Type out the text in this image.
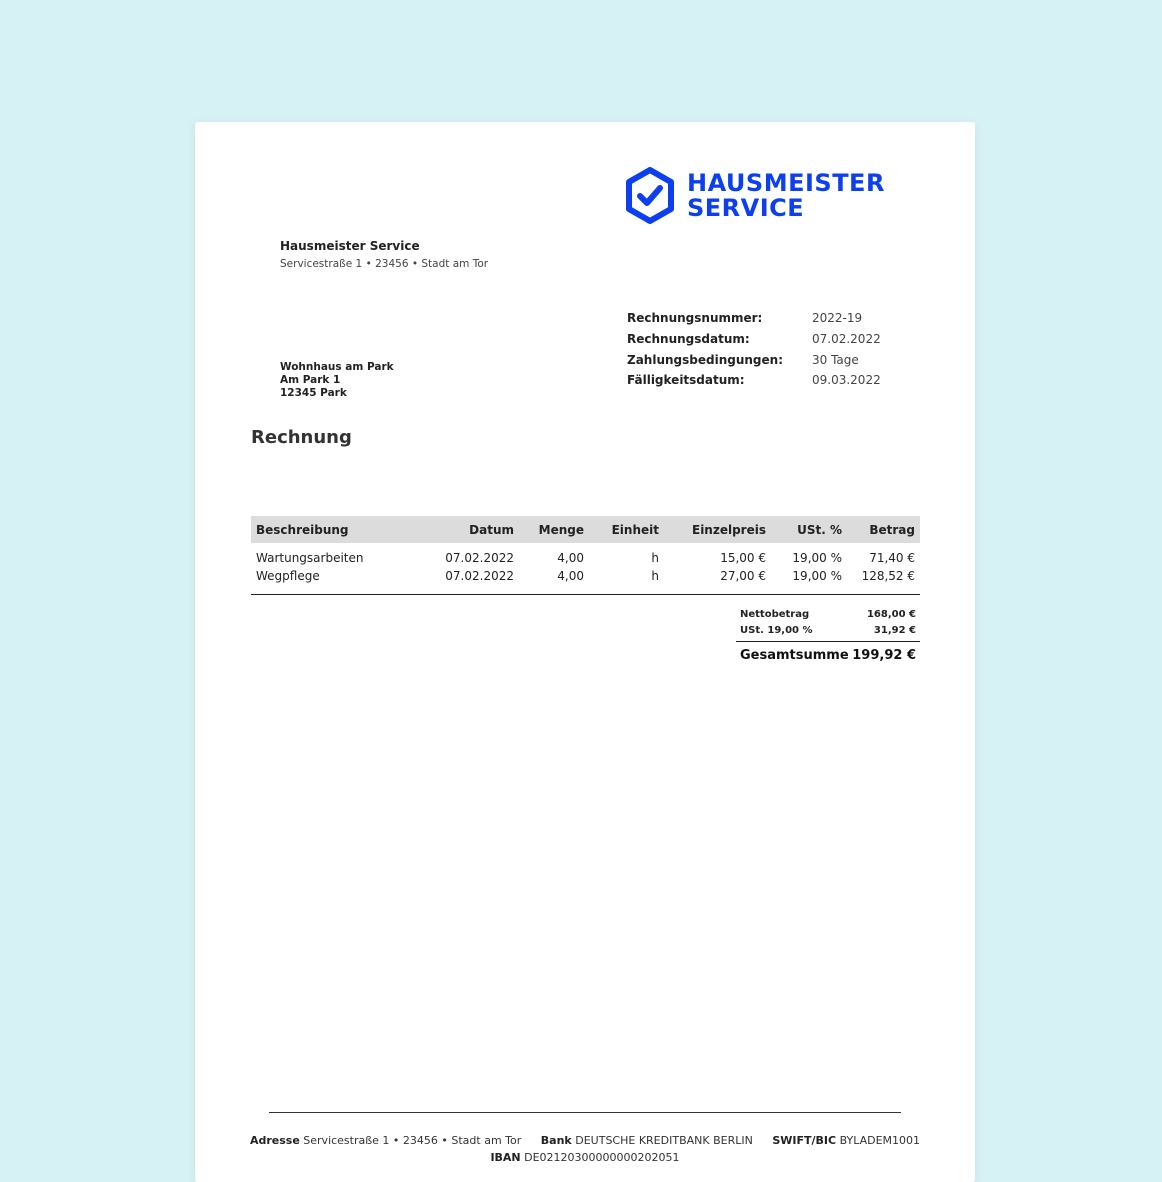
HAUSMEISTER
SERVICE
Hausmeister Service
Servicestraße 1 • 23456 • Stadt am Tor
Wohnhaus am Park
Am Park 1
12345 Park
Rechnungsnummer:	2022-19
Rechnungsdatum:	07.02.2022
Zahlungsbedingungen:	30 Tage
Fälligkeitsdatum:	09.03.2022
Rechnung
Beschreibung	Datum	Menge	Einheit	Einzelpreis	USt. %	Betrag
Wartungsarbeiten	07.02.2022	4,00	h	15,00 €	19,00 %	71,40 €
Wegpflege	07.02.2022	4,00	h	27,00 €	19,00 %	128,52 €
Nettobetrag	168,00 €
USt. 19,00 %	31,92 €
Gesamtsumme 199,92 €
Adresse Servicestraße 1 • 23456 • Stadt am Tor Bank DEUTSCHE KREDITBANK BERLIN SWIFT/BIC BYLADEM1001
IBAN DE02120300000000202051
